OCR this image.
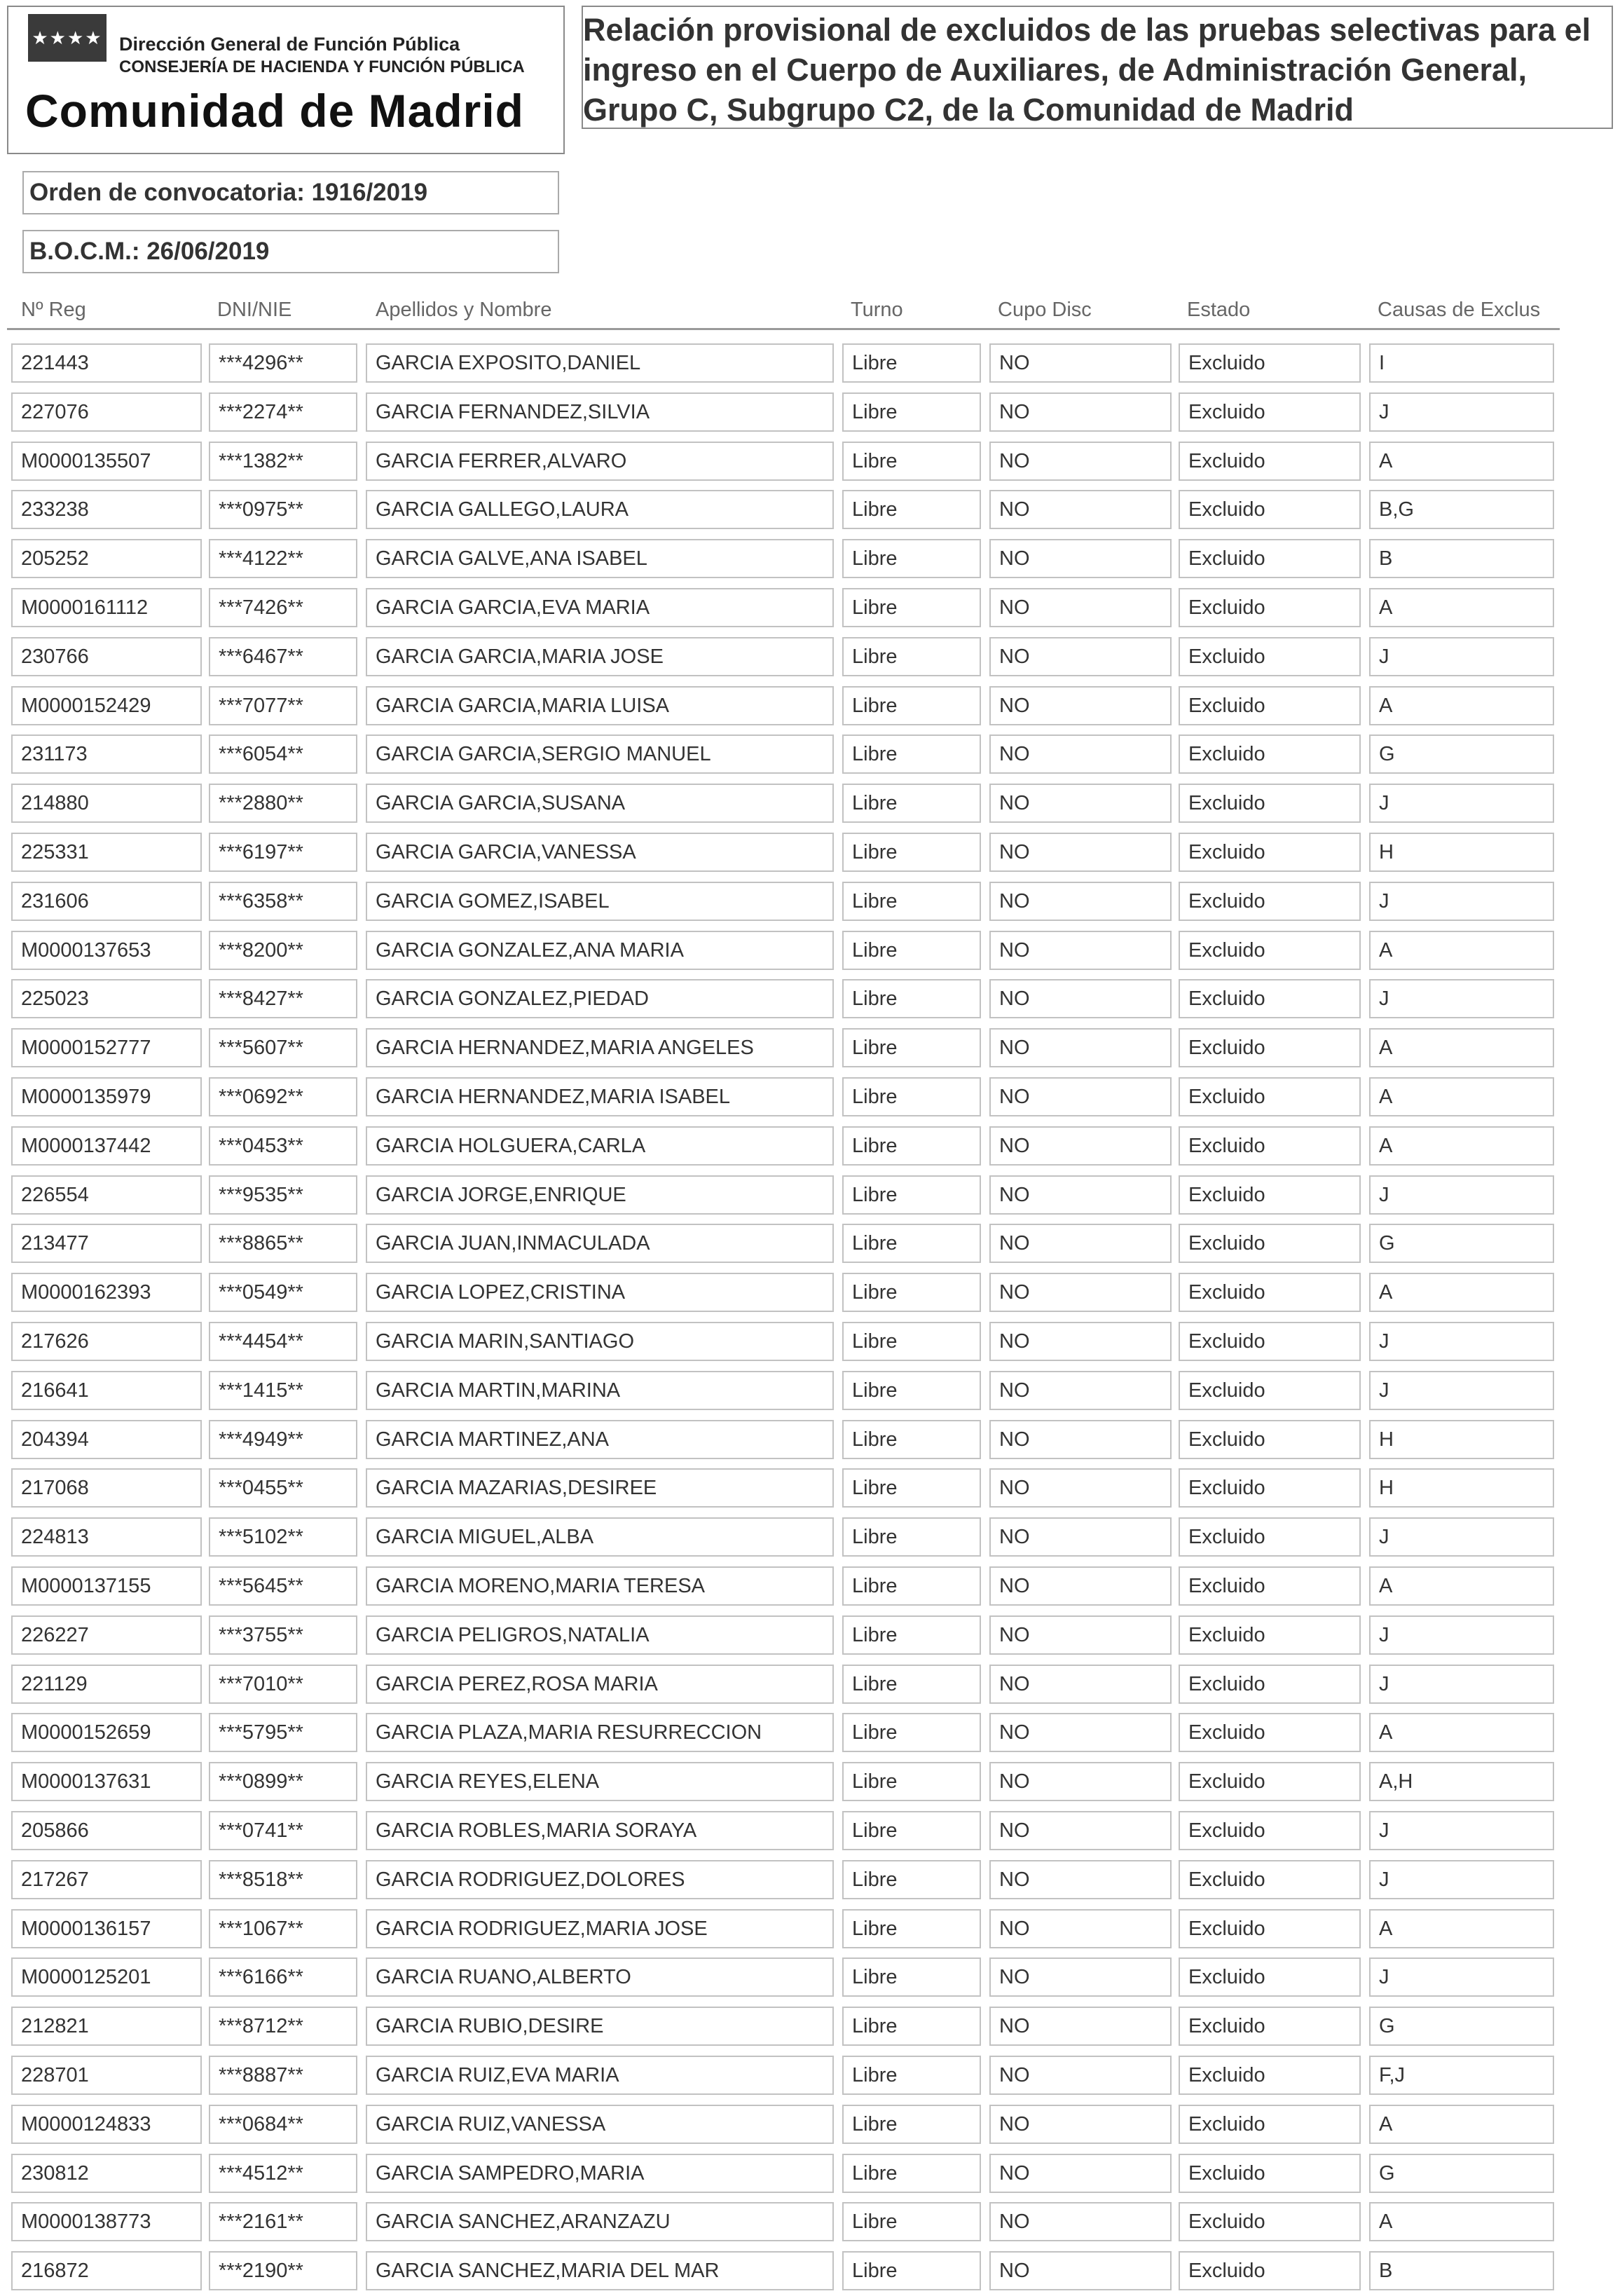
★★★★ Dirección General de Función Pública
CONSEJERÍA DE HACIENDA Y FUNCIÓN PÚBLICA
Comunidad de Madrid
Relación provisional de excluidos de las pruebas selectivas para el ingreso en el Cuerpo de Auxiliares, de Administración General, Grupo C, Subgrupo C2, de la Comunidad de Madrid
Orden de convocatoria: 1916/2019
B.O.C.M.: 26/06/2019
Nº Reg	DNI/NIE	Apellidos y Nombre	Turno	Cupo Disc	Estado	Causas de Exclus
221443	***4296**	GARCIA EXPOSITO,DANIEL	Libre	NO	Excluido	I
227076	***2274**	GARCIA FERNANDEZ,SILVIA	Libre	NO	Excluido	J
M0000135507	***1382**	GARCIA FERRER,ALVARO	Libre	NO	Excluido	A
233238	***0975**	GARCIA GALLEGO,LAURA	Libre	NO	Excluido	B,G
205252	***4122**	GARCIA GALVE,ANA ISABEL	Libre	NO	Excluido	B
M0000161112	***7426**	GARCIA GARCIA,EVA MARIA	Libre	NO	Excluido	A
230766	***6467**	GARCIA GARCIA,MARIA JOSE	Libre	NO	Excluido	J
M0000152429	***7077**	GARCIA GARCIA,MARIA LUISA	Libre	NO	Excluido	A
231173	***6054**	GARCIA GARCIA,SERGIO MANUEL	Libre	NO	Excluido	G
214880	***2880**	GARCIA GARCIA,SUSANA	Libre	NO	Excluido	J
225331	***6197**	GARCIA GARCIA,VANESSA	Libre	NO	Excluido	H
231606	***6358**	GARCIA GOMEZ,ISABEL	Libre	NO	Excluido	J
M0000137653	***8200**	GARCIA GONZALEZ,ANA MARIA	Libre	NO	Excluido	A
225023	***8427**	GARCIA GONZALEZ,PIEDAD	Libre	NO	Excluido	J
M0000152777	***5607**	GARCIA HERNANDEZ,MARIA ANGELES	Libre	NO	Excluido	A
M0000135979	***0692**	GARCIA HERNANDEZ,MARIA ISABEL	Libre	NO	Excluido	A
M0000137442	***0453**	GARCIA HOLGUERA,CARLA	Libre	NO	Excluido	A
226554	***9535**	GARCIA JORGE,ENRIQUE	Libre	NO	Excluido	J
213477	***8865**	GARCIA JUAN,INMACULADA	Libre	NO	Excluido	G
M0000162393	***0549**	GARCIA LOPEZ,CRISTINA	Libre	NO	Excluido	A
217626	***4454**	GARCIA MARIN,SANTIAGO	Libre	NO	Excluido	J
216641	***1415**	GARCIA MARTIN,MARINA	Libre	NO	Excluido	J
204394	***4949**	GARCIA MARTINEZ,ANA	Libre	NO	Excluido	H
217068	***0455**	GARCIA MAZARIAS,DESIREE	Libre	NO	Excluido	H
224813	***5102**	GARCIA MIGUEL,ALBA	Libre	NO	Excluido	J
M0000137155	***5645**	GARCIA MORENO,MARIA TERESA	Libre	NO	Excluido	A
226227	***3755**	GARCIA PELIGROS,NATALIA	Libre	NO	Excluido	J
221129	***7010**	GARCIA PEREZ,ROSA MARIA	Libre	NO	Excluido	J
M0000152659	***5795**	GARCIA PLAZA,MARIA RESURRECCION	Libre	NO	Excluido	A
M0000137631	***0899**	GARCIA REYES,ELENA	Libre	NO	Excluido	A,H
205866	***0741**	GARCIA ROBLES,MARIA SORAYA	Libre	NO	Excluido	J
217267	***8518**	GARCIA RODRIGUEZ,DOLORES	Libre	NO	Excluido	J
M0000136157	***1067**	GARCIA RODRIGUEZ,MARIA JOSE	Libre	NO	Excluido	A
M0000125201	***6166**	GARCIA RUANO,ALBERTO	Libre	NO	Excluido	J
212821	***8712**	GARCIA RUBIO,DESIRE	Libre	NO	Excluido	G
228701	***8887**	GARCIA RUIZ,EVA MARIA	Libre	NO	Excluido	F,J
M0000124833	***0684**	GARCIA RUIZ,VANESSA	Libre	NO	Excluido	A
230812	***4512**	GARCIA SAMPEDRO,MARIA	Libre	NO	Excluido	G
M0000138773	***2161**	GARCIA SANCHEZ,ARANZAZU	Libre	NO	Excluido	A
216872	***2190**	GARCIA SANCHEZ,MARIA DEL MAR	Libre	NO	Excluido	B
